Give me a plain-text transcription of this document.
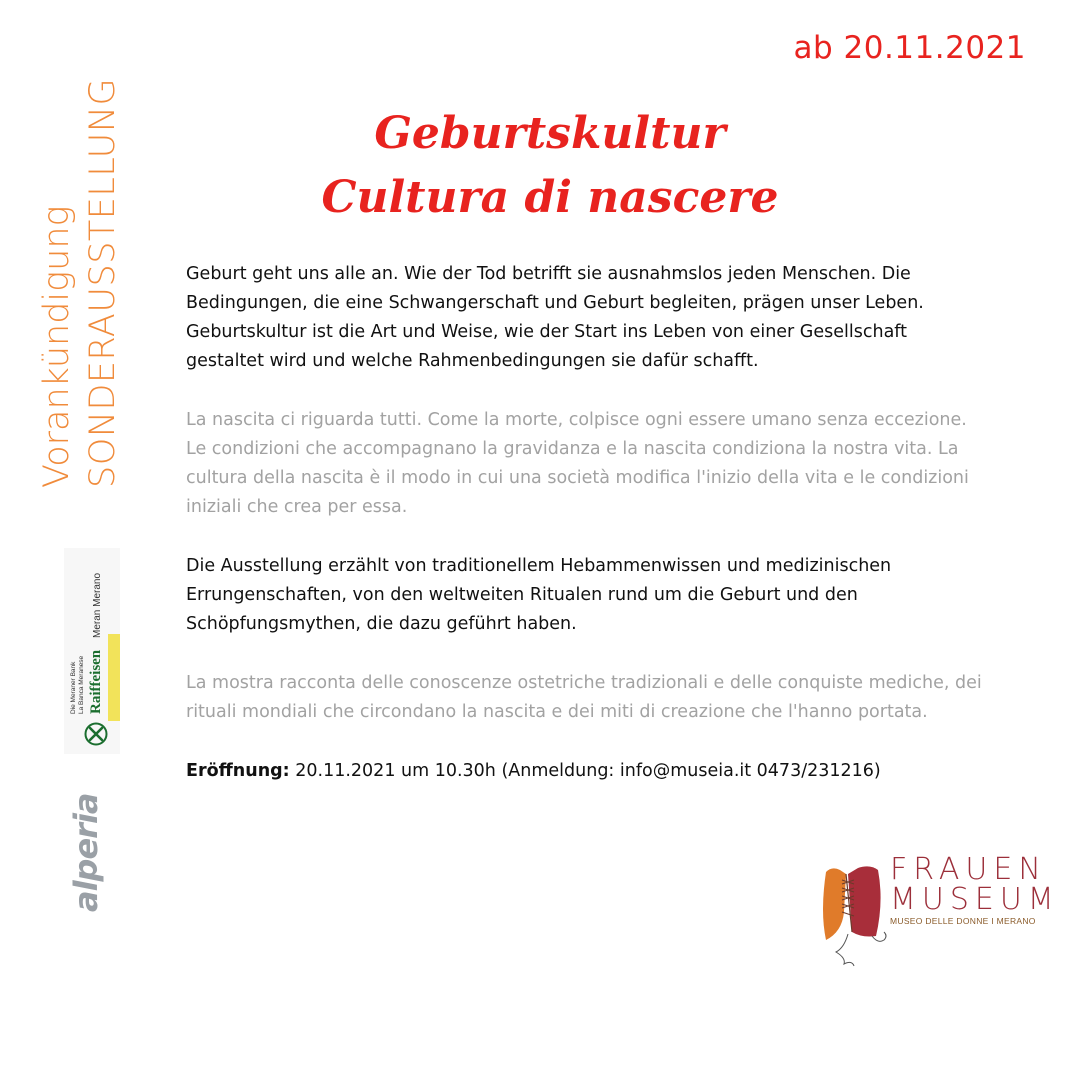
ab 20.11.2021
Vorankündigung SONDERAUSSTELLUNG	Geburtskultur
Cultura di nascere

Geburt geht uns alle an. Wie der Tod betrifft sie ausnahmslos jeden Menschen. Die Bedingungen, die eine Schwangerschaft und Geburt begleiten, prägen unser Leben. Geburtskultur ist die Art und Weise, wie der Start ins Leben von einer Gesellschaft gestaltet wird und welche Rahmenbedingungen sie dafür schafft.

La nascita ci riguarda tutti. Come la morte, colpisce ogni essere umano senza eccezione. Le condizioni che accompagnano la gravidanza e la nascita condiziona la nostra vita. La cultura della nascita è il modo in cui una società modifica l'inizio della vita e le condizioni iniziali che crea per essa.

Die Ausstellung erzählt von traditionellem Hebammenwissen und medizinischen Errungenschaften, von den weltweiten Ritualen rund um die Geburt und den Schöpfungsmythen, die dazu geführt haben.

La mostra racconta delle conoscenze ostetriche tradizionali e delle conquiste mediche, dei rituali mondiali che circondano la nascita e dei miti di creazione che l'hanno portata.

Eröffnung: 20.11.2021 um 10.30h (Anmeldung: info@museia.it 0473/231216)

Die Meraner Bank La Banca Meranese Raiffeisen
Meran Merano
alperia	FRAUEN
MUSEUM
MUSEO DELLE DONNE I MERANO
